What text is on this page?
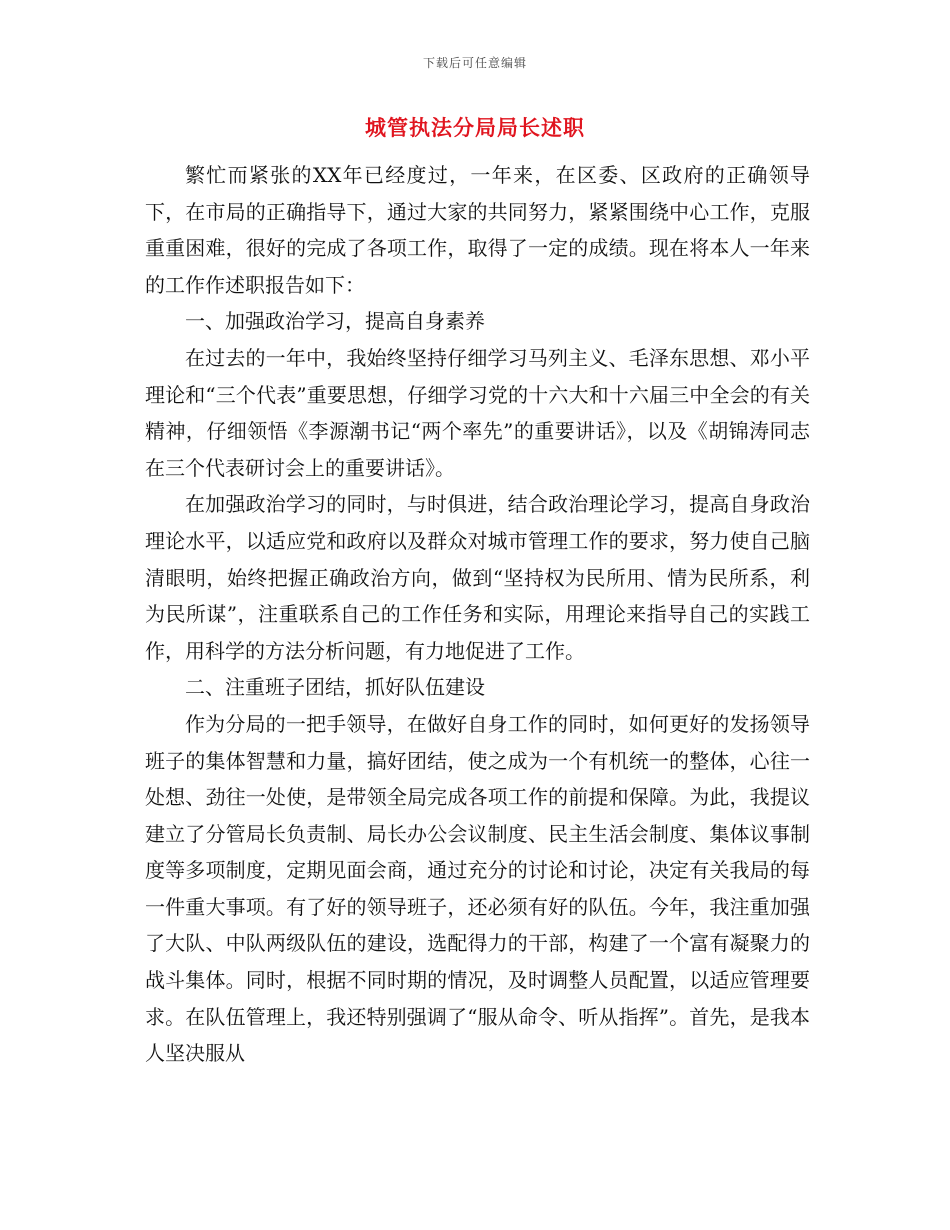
下载后可任意编辑
城管执法分局局长述职

繁忙而紧张的XX年已经度过，一年来，在区委、区政府的正确领导下，在市局的正确指导下，通过大家的共同努力，紧紧围绕中心工作，克服重重困难，很好的完成了各项工作，取得了一定的成绩。现在将本人一年来的工作作述职报告如下：

一、加强政治学习，提高自身素养

在过去的一年中，我始终坚持仔细学习马列主义、毛泽东思想、邓小平理论和“三个代表”重要思想，仔细学习党的十六大和十六届三中全会的有关精神，仔细领悟《李源潮书记“两个率先”的重要讲话》，以及《胡锦涛同志在三个代表研讨会上的重要讲话》。

在加强政治学习的同时，与时俱进，结合政治理论学习，提高自身政治理论水平，以适应党和政府以及群众对城市管理工作的要求，努力使自己脑清眼明，始终把握正确政治方向，做到“坚持权为民所用、情为民所系，利为民所谋”，注重联系自己的工作任务和实际，用理论来指导自己的实践工作，用科学的方法分析问题，有力地促进了工作。

二、注重班子团结，抓好队伍建设

作为分局的一把手领导，在做好自身工作的同时，如何更好的发扬领导班子的集体智慧和力量，搞好团结，使之成为一个有机统一的整体，心往一处想、劲往一处使，是带领全局完成各项工作的前提和保障。为此，我提议建立了分管局长负责制、局长办公会议制度、民主生活会制度、集体议事制度等多项制度，定期见面会商，通过充分的讨论和讨论，决定有关我局的每一件重大事项。有了好的领导班子，还必须有好的队伍。今年，我注重加强了大队、中队两级队伍的建设，选配得力的干部，构建了一个富有凝聚力的战斗集体。同时，根据不同时期的情况，及时调整人员配置，以适应管理要求。在队伍管理上，我还特别强调了“服从命令、听从指挥”。首先，是我本人坚决服从
